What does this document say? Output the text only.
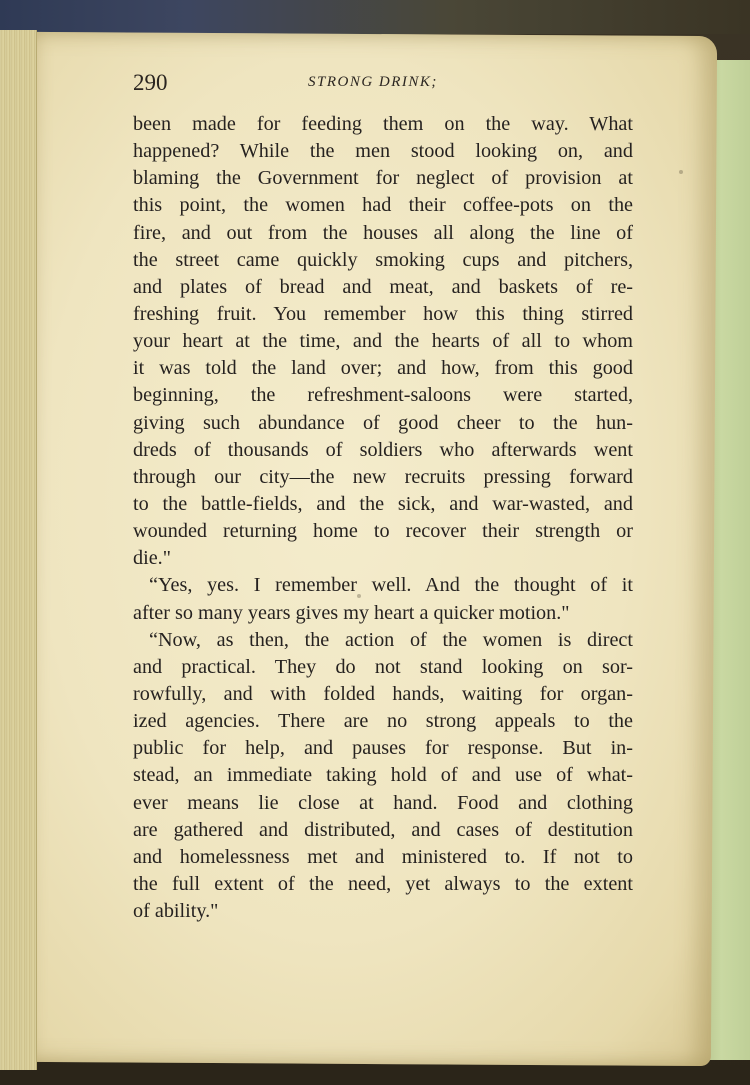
290	STRONG DRINK;
been made for feeding them on the way. What
happened? While the men stood looking on, and
blaming the Government for neglect of provision at
this point, the women had their coffee-pots on the
fire, and out from the houses all along the line of
the street came quickly smoking cups and pitchers,
and plates of bread and meat, and baskets of re-
freshing fruit. You remember how this thing stirred
your heart at the time, and the hearts of all to whom
it was told the land over; and how, from this good
beginning, the refreshment-saloons were started,
giving such abundance of good cheer to the hun-
dreds of thousands of soldiers who afterwards went
through our city—the new recruits pressing forward
to the battle-fields, and the sick, and war-wasted, and
wounded returning home to recover their strength or
die."
“Yes, yes. I remember well. And the thought of it
after so many years gives my heart a quicker motion."
“Now, as then, the action of the women is direct
and practical. They do not stand looking on sor-
rowfully, and with folded hands, waiting for organ-
ized agencies. There are no strong appeals to the
public for help, and pauses for response. But in-
stead, an immediate taking hold of and use of what-
ever means lie close at hand. Food and clothing
are gathered and distributed, and cases of destitution
and homelessness met and ministered to. If not to
the full extent of the need, yet always to the extent
of ability."
